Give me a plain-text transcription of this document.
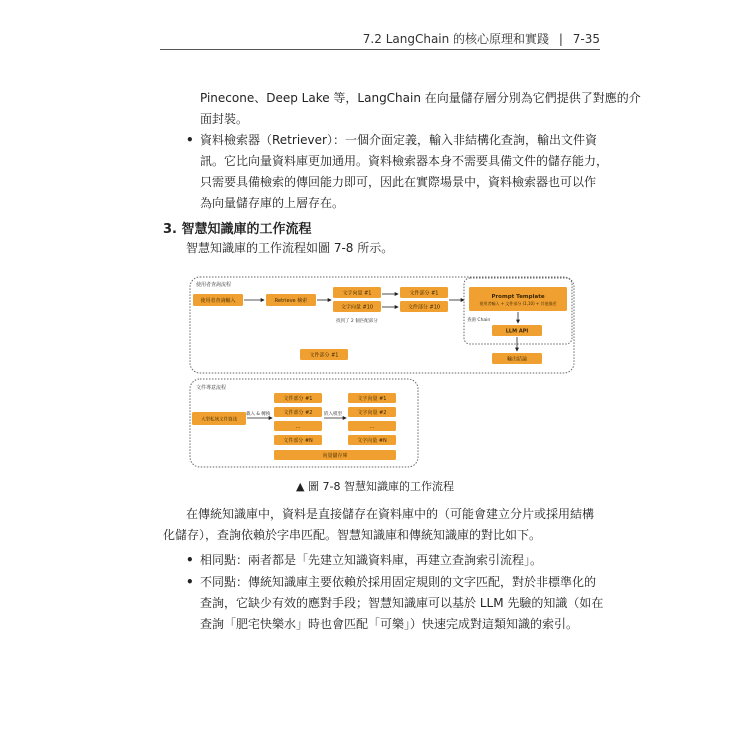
7.2 LangChain 的核心原理和實踐 | 7-35

Pinecone、Deep Lake 等，LangChain 在向量儲存層分別為它們提供了對應的介

面封裝。

• 資料檢索器（Retriever）：一個介面定義，輸入非結構化查詢，輸出文件資

訊。它比向量資料庫更加通用。資料檢索器本身不需要具備文件的儲存能力，

只需要具備檢索的傳回能力即可，因此在實際場景中，資料檢索器也可以作

為向量儲存庫的上層存在。

3. 智慧知識庫的工作流程

智慧知識庫的工作流程如圖 7-8 所示。

使用者查詢流程
使用者查詢輸入	Retrieve 檢索
文字向量 #1
文字向量 #10
找到了 2 個匹配部分
文件部分 #1
文件部分 #10
Prompt Template
使用者輸入 + 文件部分 (1,10) + 其他描述
查詢 Chain
LLM API
輸出結論
文件部分 #1
文件導意流程
大型私域文件資訊
載入 & 轉換
文件部分 #1
文件部分 #2
...
文件部分 #N
嵌入模型
文字向量 #1
文字向量 #2
...
文字向量 #N
向量儲存庫
▲ 圖 7-8 智慧知識庫的工作流程

在傳統知識庫中，資料是直接儲存在資料庫中的（可能會建立分片或採用結構

化儲存），查詢依賴於字串匹配。智慧知識庫和傳統知識庫的對比如下。

• 相同點：兩者都是「先建立知識資料庫，再建立查詢索引流程」。

• 不同點：傳統知識庫主要依賴於採用固定規則的文字匹配，對於非標準化的

查詢，它缺少有效的應對手段；智慧知識庫可以基於 LLM 先驗的知識（如在

查詢「肥宅快樂水」時也會匹配「可樂」）快速完成對這類知識的索引。
